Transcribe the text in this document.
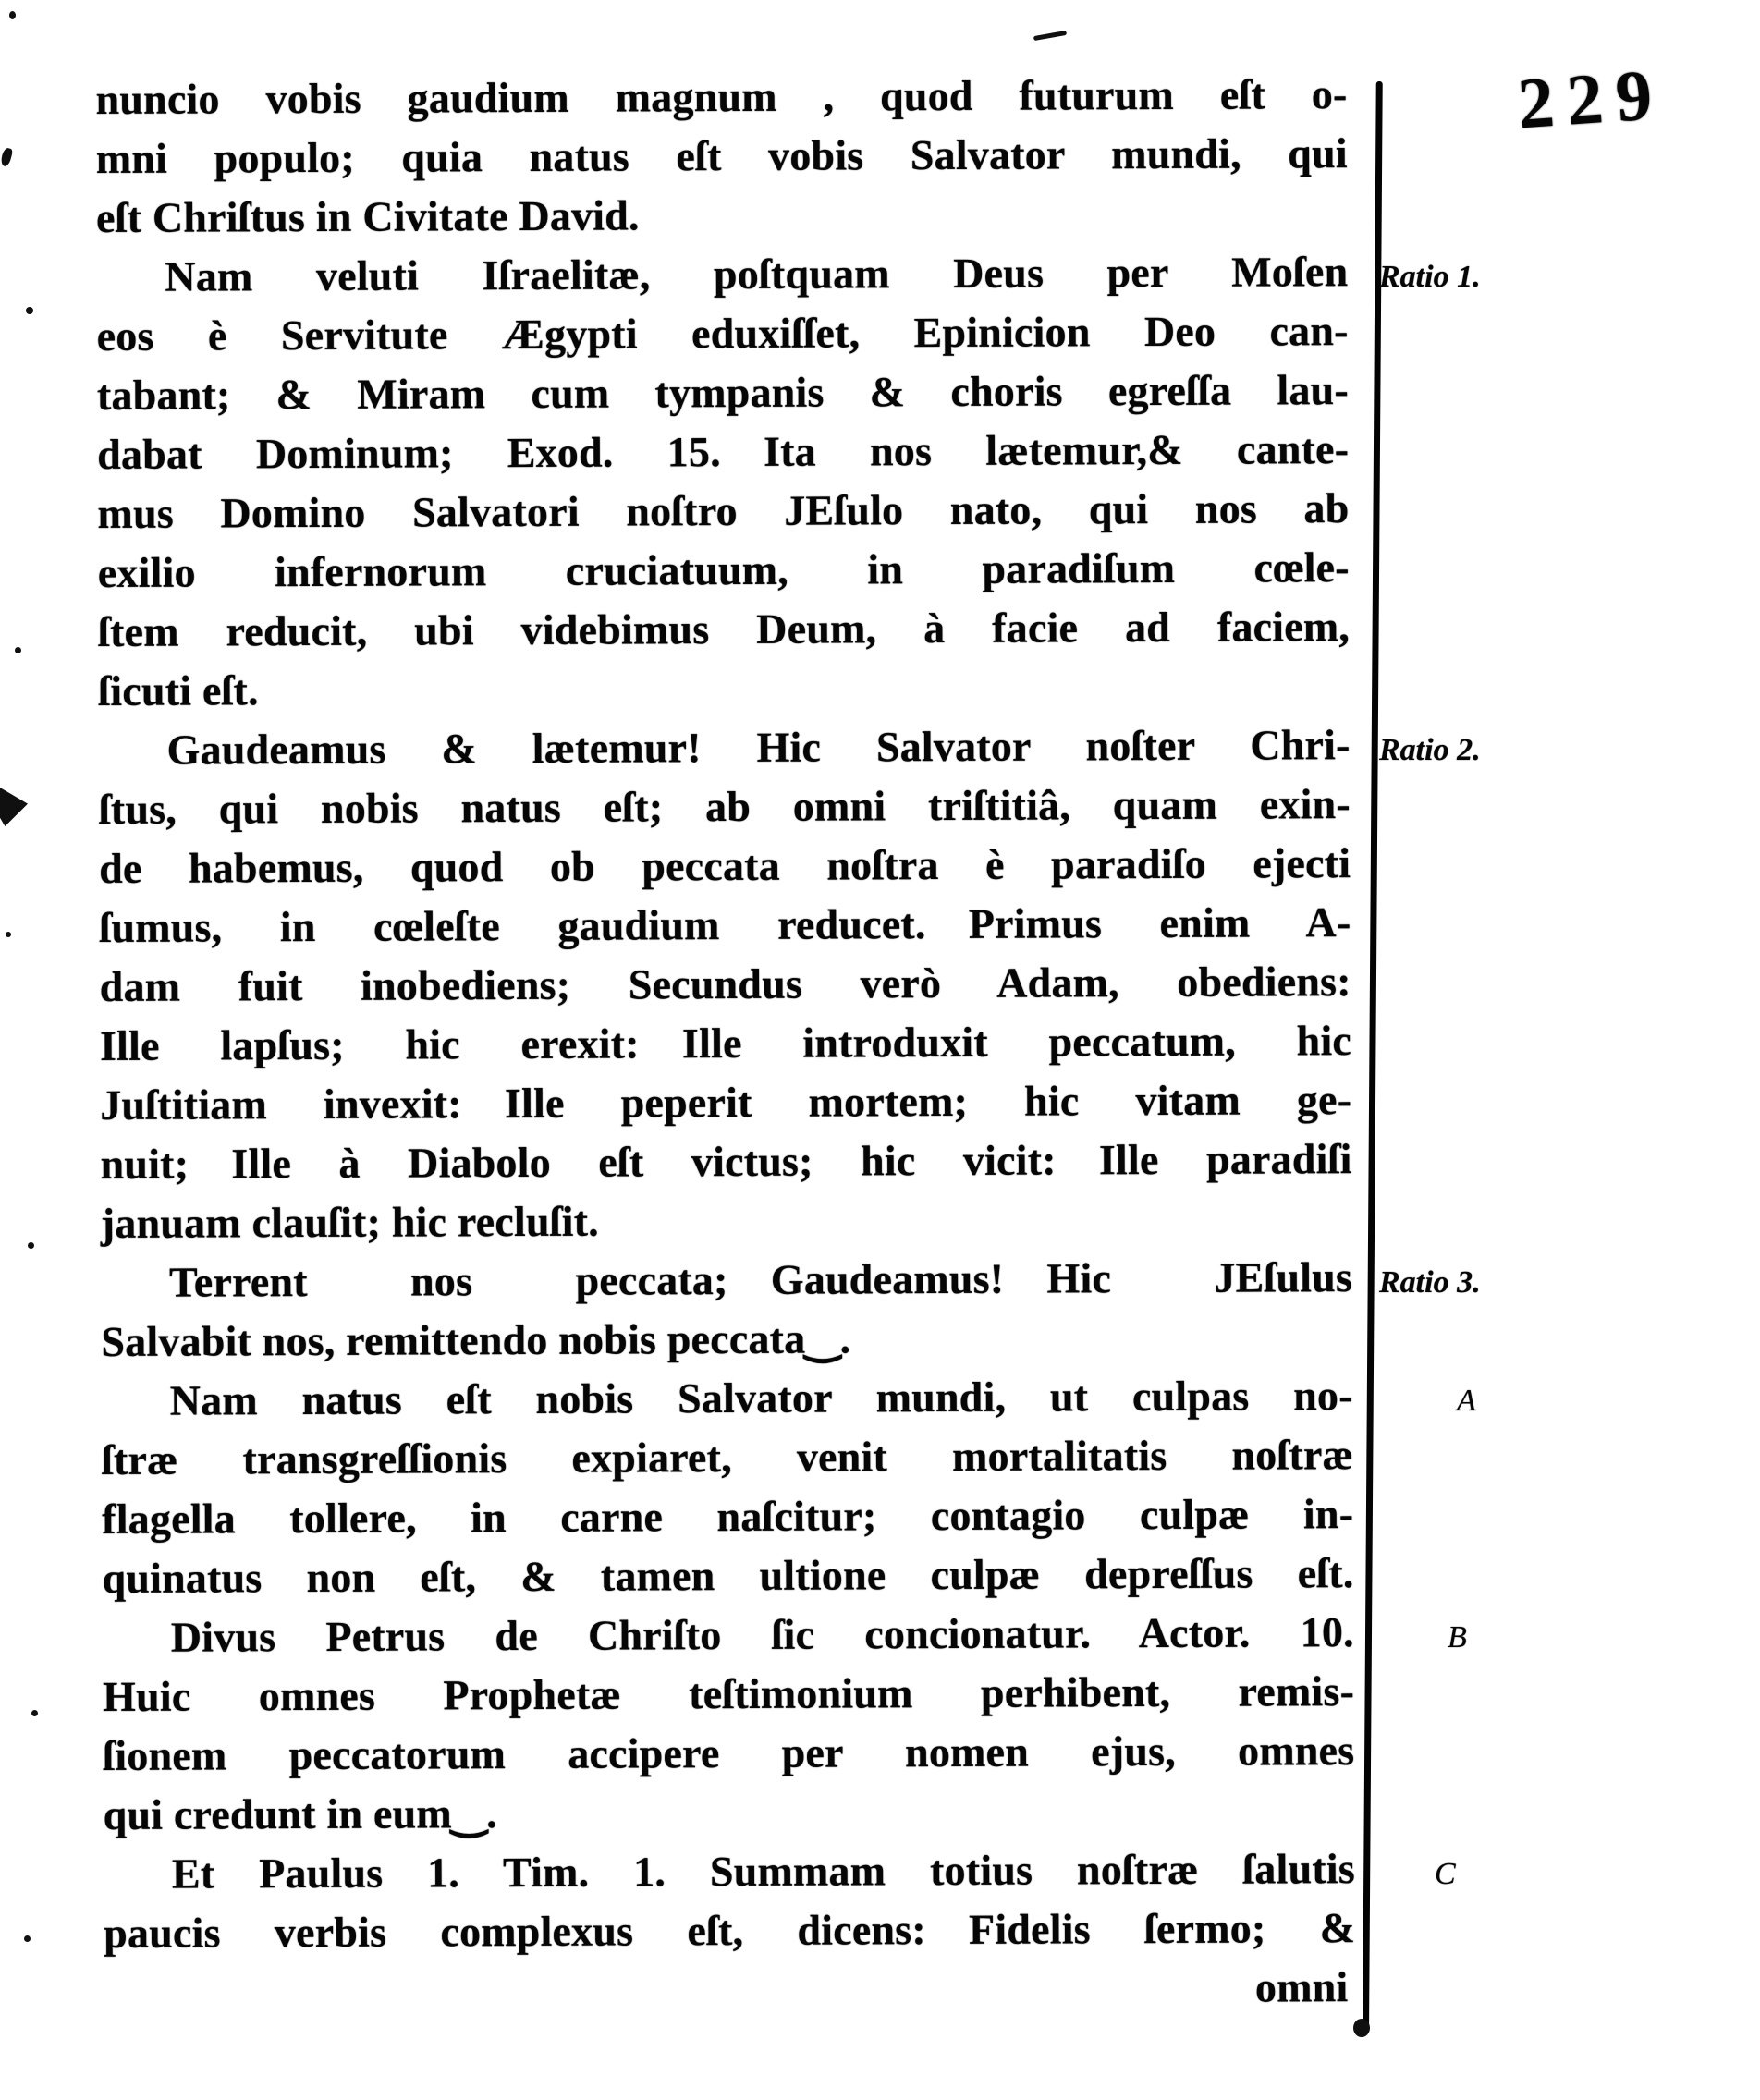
229
nuncio vobis gaudium magnum , quod futurum eſt o-
mni populo; quia natus eſt vobis Salvator mundi, qui
eſt Chriſtus in Civitate David.
Nam veluti Iſraelitæ, poſtquam Deus per Moſen
eos è Servitute Ægypti eduxiſſet, Epinicion Deo can-
tabant; & Miram cum tympanis & choris egreſſa lau-
dabat Dominum; Exod. 15. Ita nos lætemur,& cante-
mus Domino Salvatori noſtro JEſulo nato, qui nos ab
exilio infernorum cruciatuum, in paradiſum cœle-
ſtem reducit, ubi videbimus Deum, à facie ad faciem,
ſicuti eſt.
Gaudeamus & lætemur! Hic Salvator noſter Chri-
ſtus, qui nobis natus eſt; ab omni triſtitiâ, quam exin-
de habemus, quod ob peccata noſtra è paradiſo ejecti
ſumus, in cœleſte gaudium reducet. Primus enim A-
dam fuit inobediens; Secundus verò Adam, obediens:
Ille lapſus; hic erexit: Ille introduxit peccatum, hic
Juſtitiam invexit: Ille peperit mortem; hic vitam ge-
nuit; Ille à Diabolo eſt victus; hic vicit: Ille paradiſi
januam clauſit; hic recluſit.
Terrent nos peccata; Gaudeamus! Hic JEſulus
Salvabit nos, remittendo nobis peccata‿.
Nam natus eſt nobis Salvator mundi, ut culpas no-
ſtræ transgreſſionis expiaret, venit mortalitatis noſtræ
flagella tollere, in carne naſcitur; contagio culpæ in-
quinatus non eſt, & tamen ultione culpæ depreſſus eſt.
Divus Petrus de Chriſto ſic concionatur. Actor. 10.
Huic omnes Prophetæ teſtimonium perhibent, remis-
ſionem peccatorum accipere per nomen ejus, omnes
qui credunt in eum‿.
Et Paulus 1. Tim. 1. Summam totius noſtræ ſalutis
paucis verbis complexus eſt, dicens: Fidelis ſermo; &
omni
Ratio 1.
Ratio 2.
Ratio 3.
A
B
C
